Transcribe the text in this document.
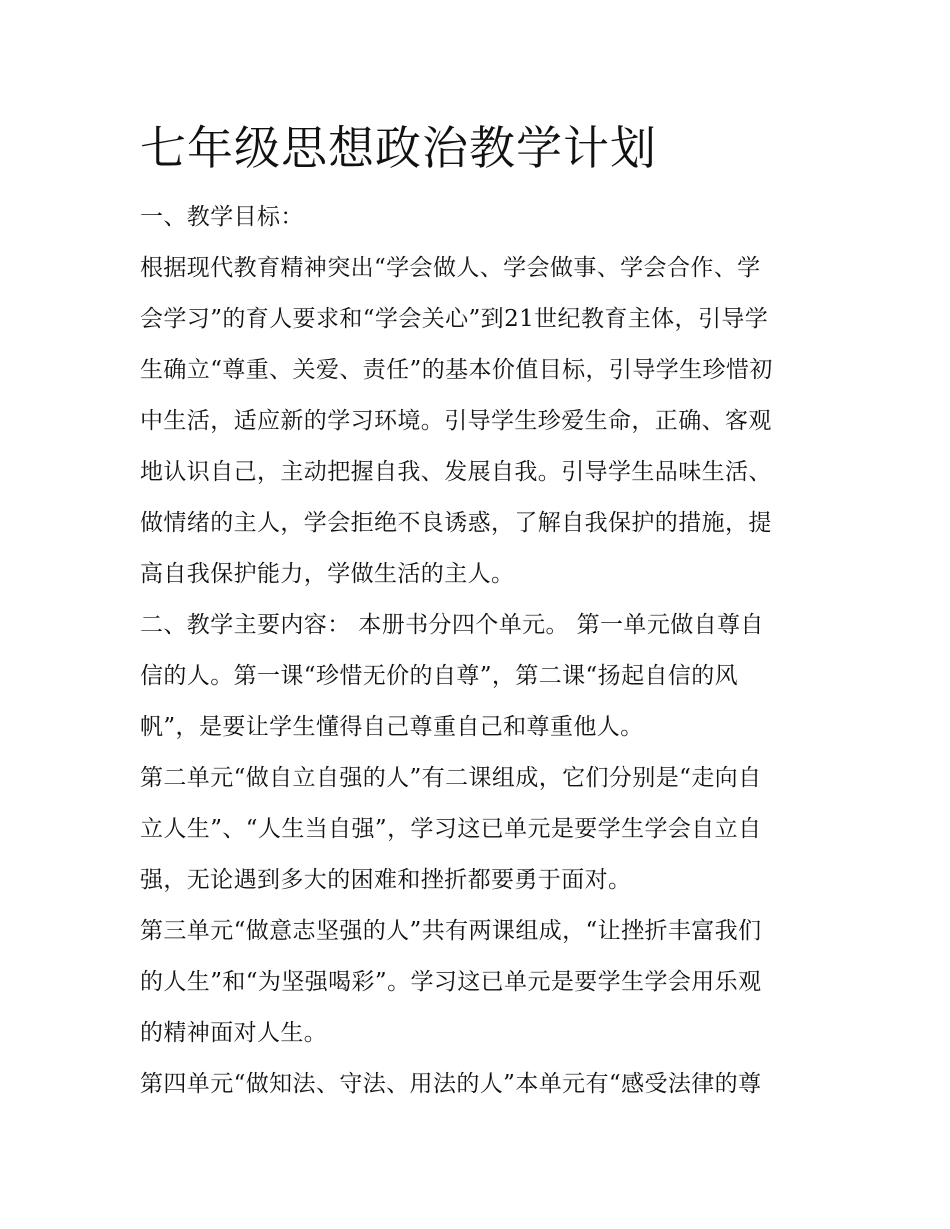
七年级思想政治教学计划

一、教学目标：

根据现代教育精神突出“学会做人、学会做事、学会合作、学

会学习”的育人要求和“学会关心”到21世纪教育主体，引导学

生确立“尊重、关爱、责任”的基本价值目标，引导学生珍惜初

中生活，适应新的学习环境。引导学生珍爱生命，正确、客观

地认识自己，主动把握自我、发展自我。引导学生品味生活、

做情绪的主人，学会拒绝不良诱惑，了解自我保护的措施，提

高自我保护能力，学做生活的主人。

二、教学主要内容： 本册书分四个单元。 第一单元做自尊自

信的人。第一课“珍惜无价的自尊”，第二课“扬起自信的风

帆”，是要让学生懂得自己尊重自己和尊重他人。

第二单元“做自立自强的人”有二课组成，它们分别是“走向自

立人生”、“人生当自强”，学习这已单元是要学生学会自立自

强，无论遇到多大的困难和挫折都要勇于面对。

第三单元“做意志坚强的人”共有两课组成，“让挫折丰富我们

的人生”和“为坚强喝彩”。学习这已单元是要学生学会用乐观

的精神面对人生。

第四单元“做知法、守法、用法的人”本单元有“感受法律的尊
